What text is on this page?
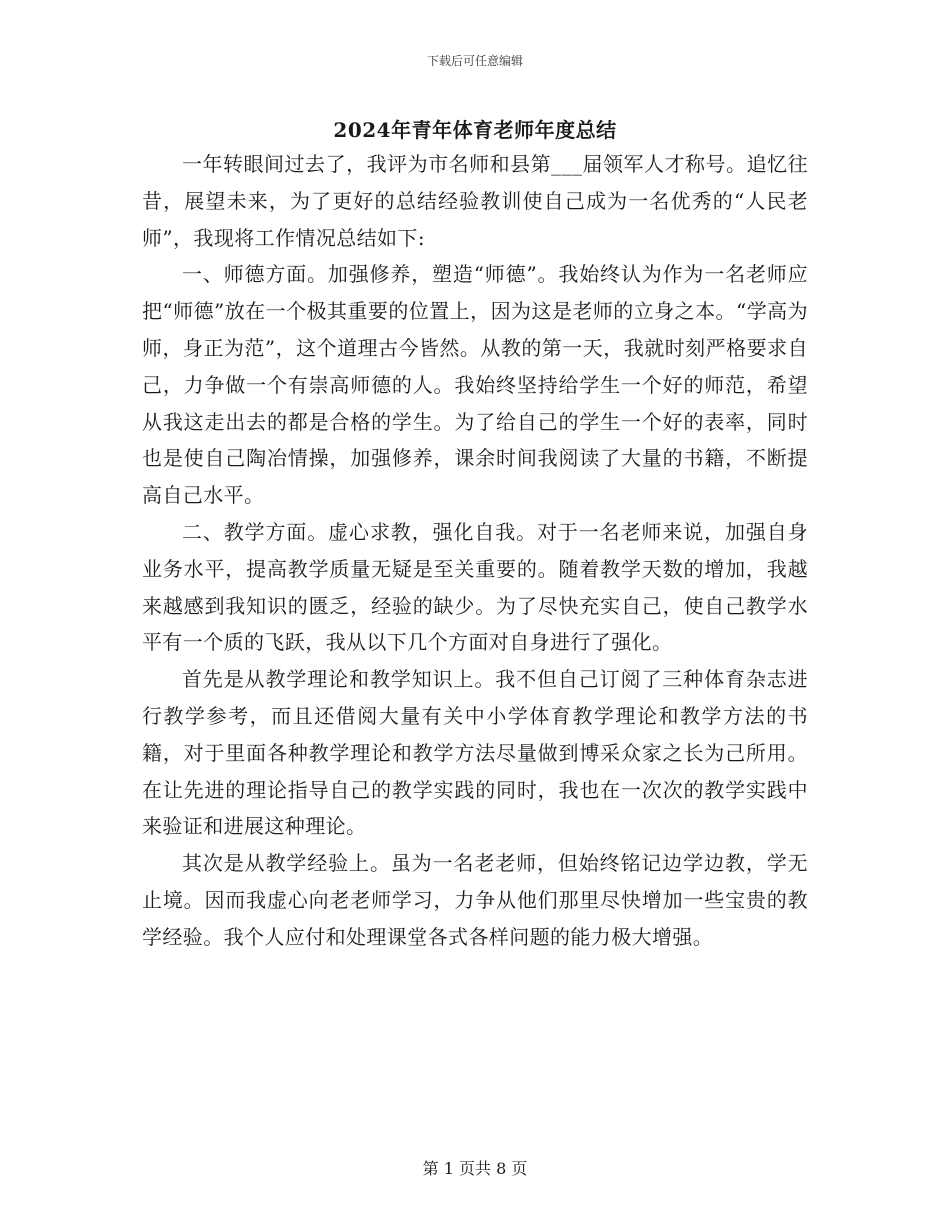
下载后可任意编辑
2024年青年体育老师年度总结

一年转眼间过去了，我评为市名师和县第___届领军人才称号。追忆往昔，展望未来，为了更好的总结经验教训使自己成为一名优秀的“人民老师”，我现将工作情况总结如下:

一、师德方面。加强修养，塑造“师德”。我始终认为作为一名老师应把“师德”放在一个极其重要的位置上，因为这是老师的立身之本。“学高为师，身正为范”，这个道理古今皆然。从教的第一天，我就时刻严格要求自己，力争做一个有崇高师德的人。我始终坚持给学生一个好的师范，希望从我这走出去的都是合格的学生。为了给自己的学生一个好的表率，同时也是使自己陶冶情操，加强修养，课余时间我阅读了大量的书籍，不断提高自己水平。

二、教学方面。虚心求教，强化自我。对于一名老师来说，加强自身业务水平，提高教学质量无疑是至关重要的。随着教学天数的增加，我越来越感到我知识的匮乏，经验的缺少。为了尽快充实自己，使自己教学水平有一个质的飞跃，我从以下几个方面对自身进行了强化。

首先是从教学理论和教学知识上。我不但自己订阅了三种体育杂志进行教学参考，而且还借阅大量有关中小学体育教学理论和教学方法的书籍，对于里面各种教学理论和教学方法尽量做到博采众家之长为己所用。在让先进的理论指导自己的教学实践的同时，我也在一次次的教学实践中来验证和进展这种理论。

其次是从教学经验上。虽为一名老老师，但始终铭记边学边教，学无止境。因而我虚心向老老师学习，力争从他们那里尽快增加一些宝贵的教学经验。我个人应付和处理课堂各式各样问题的能力极大增强。

第 1 页共 8 页
